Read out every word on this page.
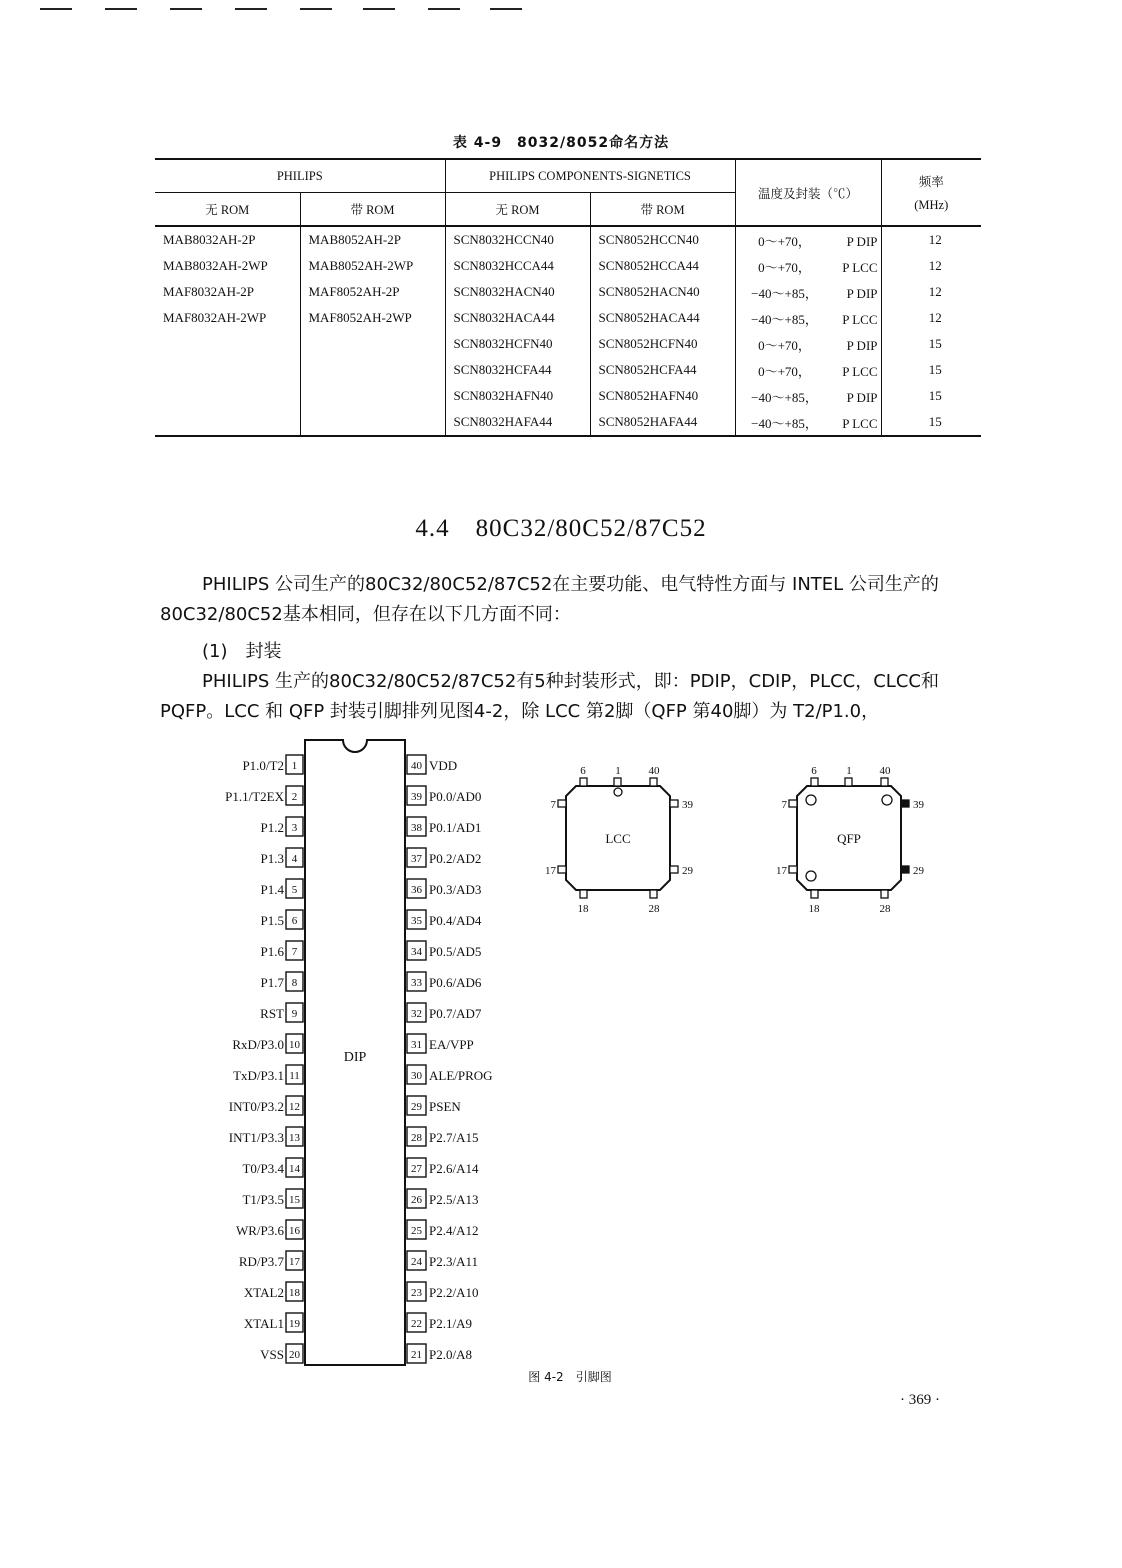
表 4-9　8032/8052命名方法
PHILIPS		PHILIPS COMPONENTS-SIGNETICS		温度及封装（℃）	频率
(MHz)

无 ROM	带 ROM	无 ROM	带 ROM		
MAB8032AH-2P	MAB8052AH-2P	SCN8032HCCN40	SCN8052HCCN40	0～+70， P DIP	12
MAB8032AH-2WP	MAB8052AH-2WP	SCN8032HCCA44	SCN8052HCCA44	0～+70， P LCC	12
MAF8032AH-2P	MAF8052AH-2P	SCN8032HACN40	SCN8052HACN40	−40～+85， P DIP	12
MAF8032AH-2WP	MAF8052AH-2WP	SCN8032HACA44	SCN8052HACA44	−40～+85， P LCC	12
		SCN8032HCFN40	SCN8052HCFN40	0～+70， P DIP	15
		SCN8032HCFA44	SCN8052HCFA44	0～+70， P LCC	15
		SCN8032HAFN40	SCN8052HAFN40	−40～+85， P DIP	15
		SCN8032HAFA44	SCN8052HAFA44	−40～+85， P LCC	15
4.4　 80C32/80C52/87C52

PHILIPS 公司生产的80C32/80C52/87C52在主要功能、电气特性方面与 INTEL 公司生产的80C32/80C52基本相同，但存在以下几方面不同：

(1)　封装

PHILIPS 生产的80C32/80C52/87C52有5种封装形式，即：PDIP，CDIP，PLCC，CLCC和 PQFP。LCC 和 QFP 封装引脚排列见图4-2，除 LCC 第2脚（QFP 第40脚）为 T2/P1.0，

DIP
1
P1.0/T2
2
P1.1/T2EX
3
P1.2
4
P1.3
5
P1.4
6
P1.5
7
P1.6
8
P1.7
9
RST
10
RxD/P3.0
11
TxD/P3.1
12
INT0/P3.2
13
INT1/P3.3
14
T0/P3.4
15
T1/P3.5
16
WR/P3.6
17
RD/P3.7
18
XTAL2
19
XTAL1
20
VSS
40 VDD
39 P0.0/AD0
38 P0.1/AD1
37 P0.2/AD2
36 P0.3/AD3
35 P0.4/AD4
34 P0.5/AD5
33 P0.6/AD6
32 P0.7/AD7
31 EA/VPP
30 ALE/PROG
29 PSEN
28 P2.7/A15
27 P2.6/A14
26 P2.5/A13
25 P2.4/A12
24 P2.3/A11
23 P2.2/A10
22 P2.1/A9
21 P2.0/A8
LCC
6	1	40
7
17
39
29
18	28
QFP
6	1	40
7
17
39
29
18	28
图 4-2　引脚图
· 369 ·
